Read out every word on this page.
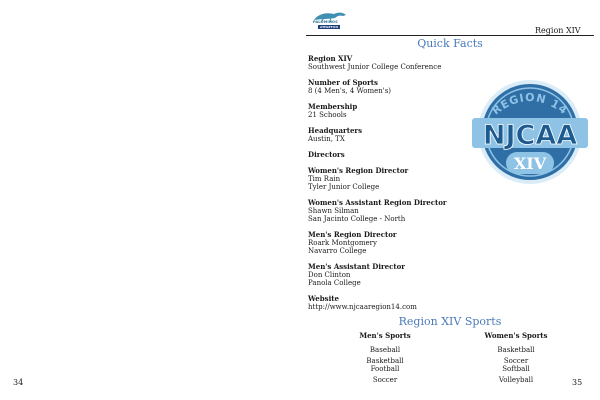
34	35
PALOMINOS
ATHLETICS	Region XIV
Quick Facts
Region XIV
Southwest Junior College Conference
Number of Sports
8 (4 Men's, 4 Women's)
Membership
21 Schools
Headquarters
Austin, TX
Directors
Women's Region Director
Tim Rain
Tyler Junior College
Women's Assistant Region Director
Shawn Silman
San Jacinto College - North
Men's Region Director
Roark Montgomery
Navarro College
Men's Assistant Director
Don Clinton
Panola College
Website
http://www.njcaaregion14.com
REGION 14
NJCAA
XIV
Region XIV Sports
Men's Sports
Baseball
Basketball
Football
Soccer
Women's Sports
Basketball
Soccer
Softball
Volleyball
